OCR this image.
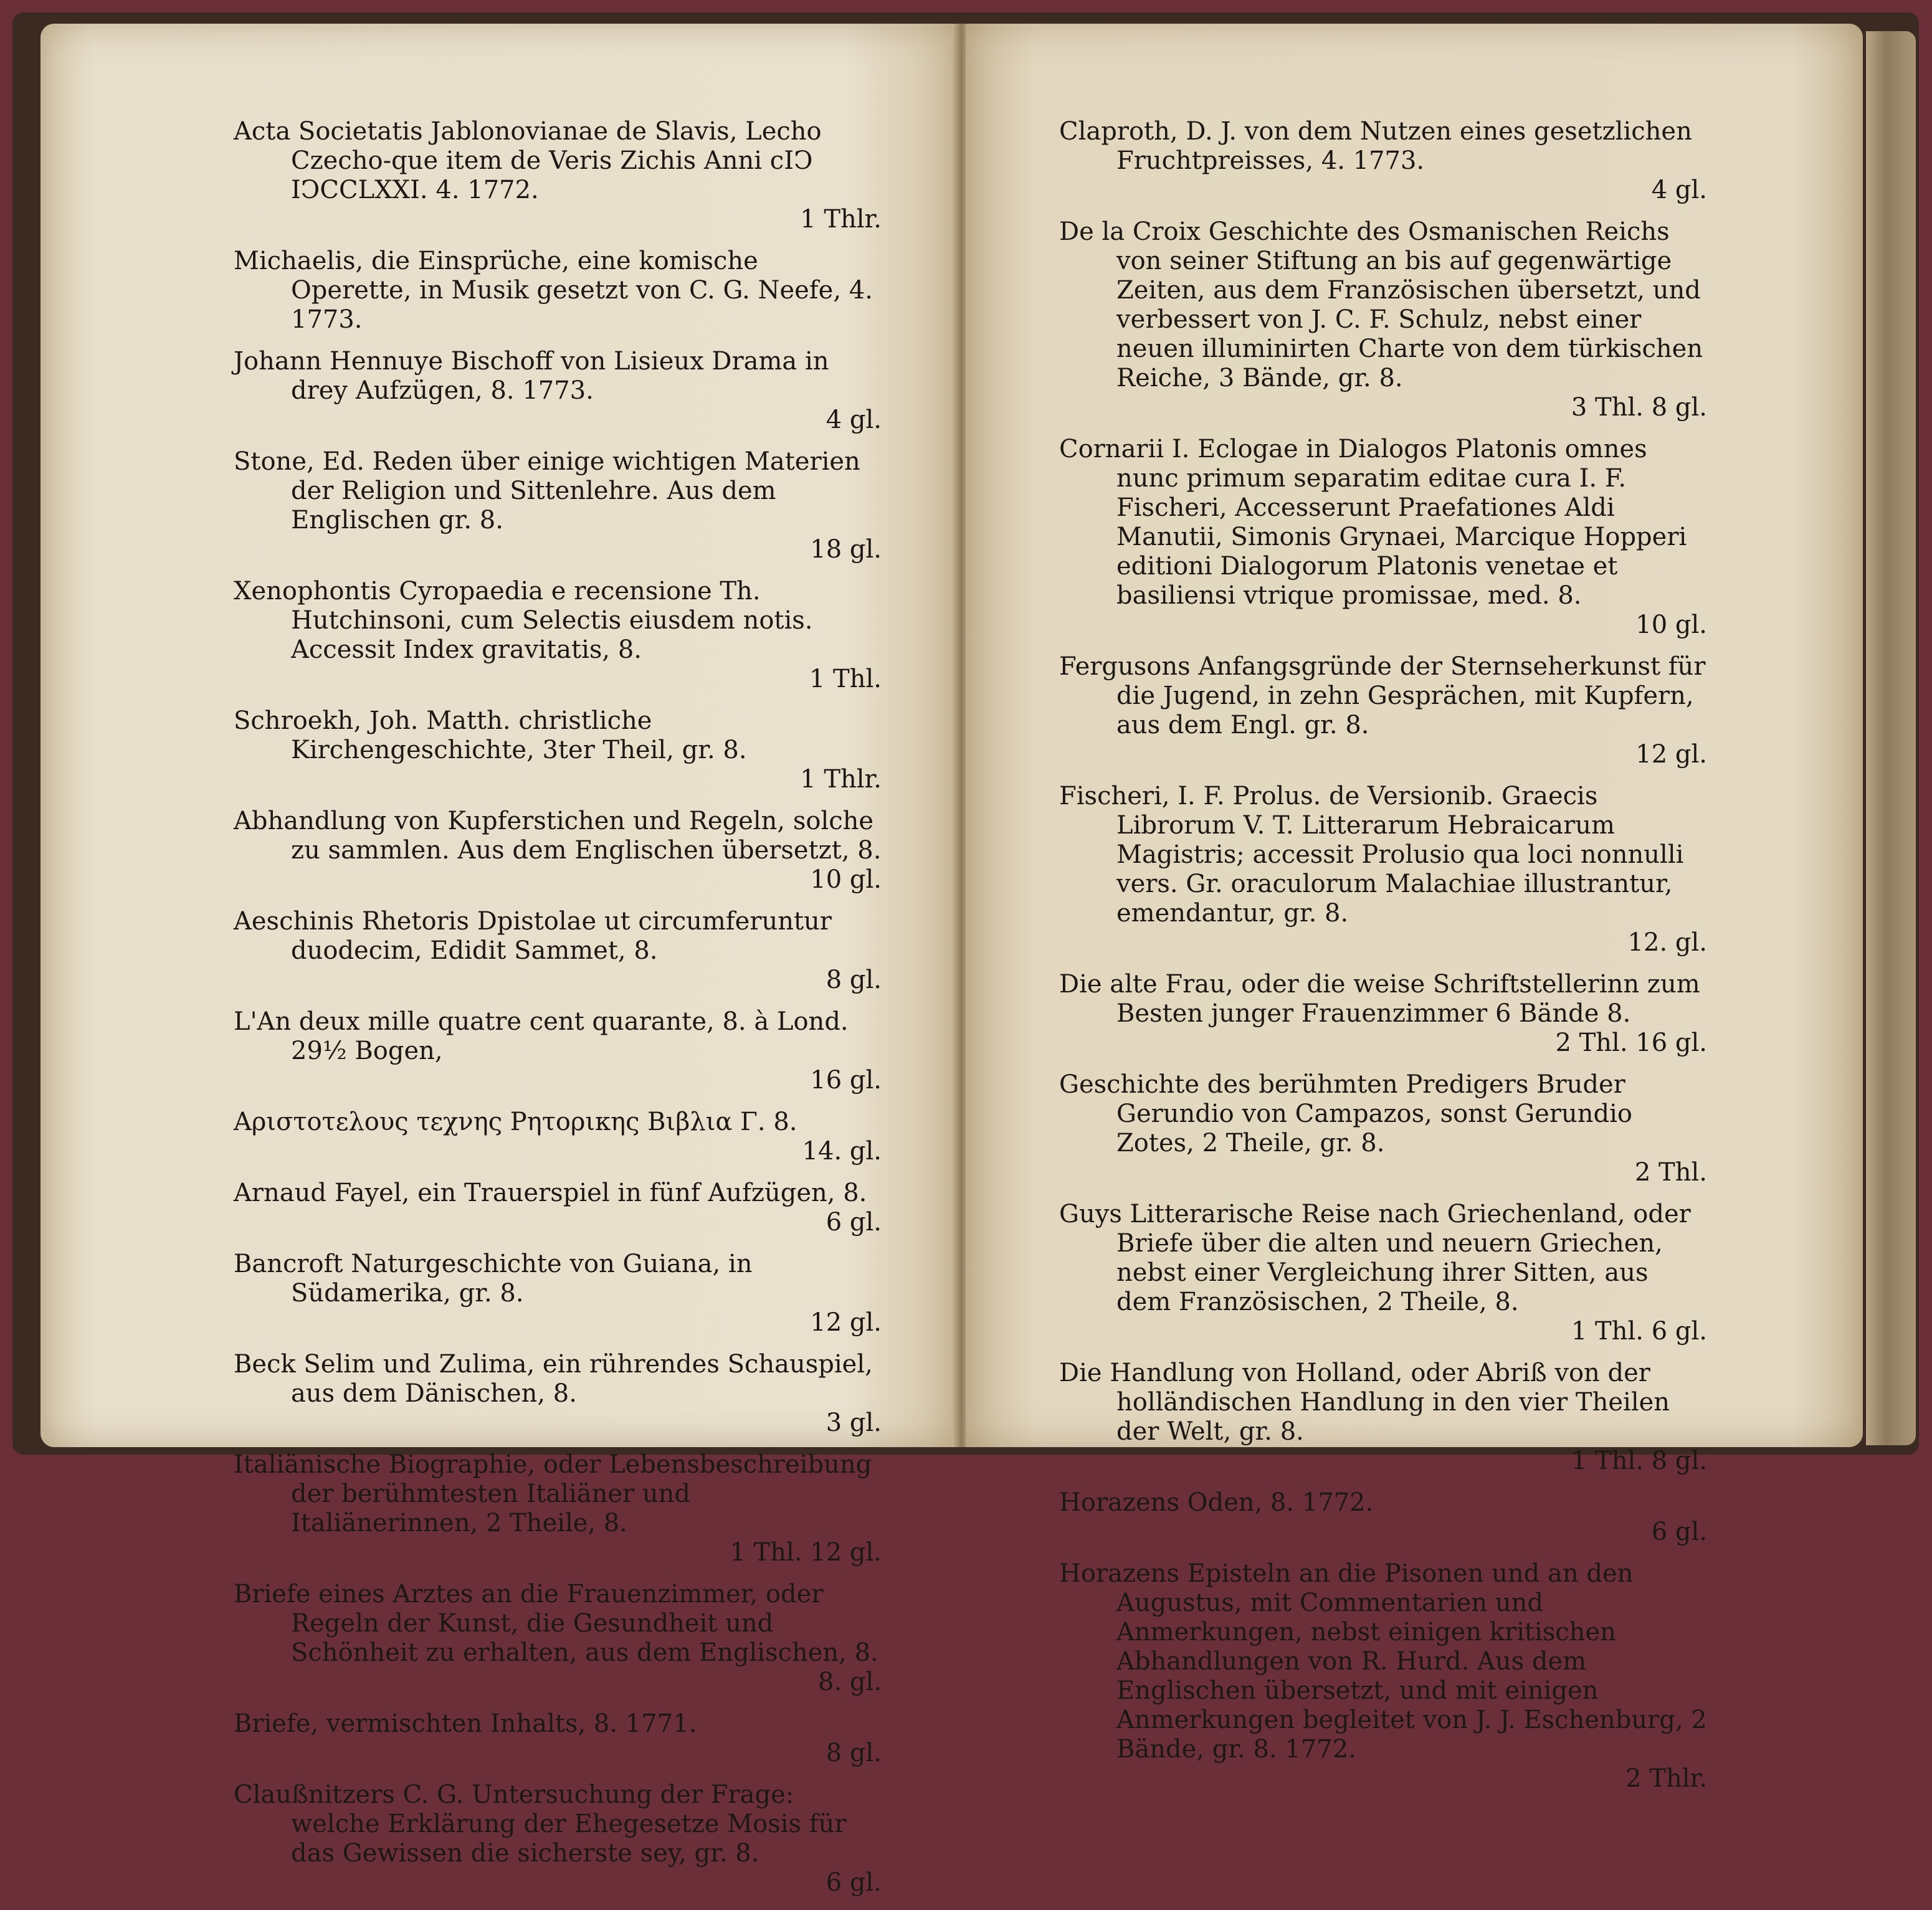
Acta Societatis Jablonovianae de Slavis, Lecho Czecho-que item de Veris Zichis Anni cIↃ IↃCCLXXI. 4. 1772.
1 Thlr.
Michaelis, die Einsprüche, eine komische Operette, in Musik gesetzt von C. G. Neefe, 4. 1773.
Johann Hennuye Bischoff von Lisieux Drama in drey Aufzügen, 8. 1773.
4 gl.
Stone, Ed. Reden über einige wichtigen Materien der Religion und Sittenlehre. Aus dem Englischen gr. 8.
18 gl.
Xenophontis Cyropaedia e recensione Th. Hutchinsoni, cum Selectis eiusdem notis. Accessit Index gravitatis, 8.
1 Thl.
Schroekh, Joh. Matth. christliche Kirchengeschichte, 3ter Theil, gr. 8.
1 Thlr.
Abhandlung von Kupferstichen und Regeln, solche zu sammlen. Aus dem Englischen übersetzt, 8.
10 gl.
Aeschinis Rhetoris Dpistolae ut circumferuntur duodecim, Edidit Sammet, 8.
8 gl.
L'An deux mille quatre cent quarante, 8. à Lond. 29½ Bogen,
16 gl.
Αριστοτελους τεχνης Ρητορικης Βιβλια Γ. 8.
14. gl.
Arnaud Fayel, ein Trauerspiel in fünf Aufzügen, 8.
6 gl.
Bancroft Naturgeschichte von Guiana, in Südamerika, gr. 8.
12 gl.
Beck Selim und Zulima, ein rührendes Schauspiel, aus dem Dänischen, 8.
3 gl.
Italiänische Biographie, oder Lebensbeschreibung der berühmtesten Italiäner und Italiänerinnen, 2 Theile, 8.
1 Thl. 12 gl.
Briefe eines Arztes an die Frauenzimmer, oder Regeln der Kunst, die Gesundheit und Schönheit zu erhalten, aus dem Englischen, 8.
8. gl.
Briefe, vermischten Inhalts, 8. 1771.
8 gl.
Claußnitzers C. G. Untersuchung der Frage: welche Erklärung der Ehegesetze Mosis für das Gewissen die sicherste sey, gr. 8.
6 gl.
Claproth, D. J. von dem Nutzen eines gesetzlichen Fruchtpreisses, 4. 1773.
4 gl.
De la Croix Geschichte des Osmanischen Reichs von seiner Stiftung an bis auf gegenwärtige Zeiten, aus dem Französischen übersetzt, und verbessert von J. C. F. Schulz, nebst einer neuen illuminirten Charte von dem türkischen Reiche, 3 Bände, gr. 8.
3 Thl. 8 gl.
Cornarii I. Eclogae in Dialogos Platonis omnes nunc primum separatim editae cura I. F. Fischeri, Accesserunt Praefationes Aldi Manutii, Simonis Grynaei, Marcique Hopperi editioni Dialogorum Platonis venetae et basiliensi vtrique promissae, med. 8.
10 gl.
Fergusons Anfangsgründe der Sternseherkunst für die Jugend, in zehn Gesprächen, mit Kupfern, aus dem Engl. gr. 8.
12 gl.
Fischeri, I. F. Prolus. de Versionib. Graecis Librorum V. T. Litterarum Hebraicarum Magistris; accessit Prolusio qua loci nonnulli vers. Gr. oraculorum Malachiae illustrantur, emendantur, gr. 8.
12. gl.
Die alte Frau, oder die weise Schriftstellerinn zum Besten junger Frauenzimmer 6 Bände 8.
2 Thl. 16 gl.
Geschichte des berühmten Predigers Bruder Gerundio von Campazos, sonst Gerundio Zotes, 2 Theile, gr. 8.
2 Thl.
Guys Litterarische Reise nach Griechenland, oder Briefe über die alten und neuern Griechen, nebst einer Vergleichung ihrer Sitten, aus dem Französischen, 2 Theile, 8.
1 Thl. 6 gl.
Die Handlung von Holland, oder Abriß von der holländischen Handlung in den vier Theilen der Welt, gr. 8.
1 Thl. 8 gl.
Horazens Oden, 8. 1772.
6 gl.
Horazens Episteln an die Pisonen und an den Augustus, mit Commentarien und Anmerkungen, nebst einigen kritischen Abhandlungen von R. Hurd. Aus dem Englischen übersetzt, und mit einigen Anmerkungen begleitet von J. J. Eschenburg, 2 Bände, gr. 8. 1772.
2 Thlr.
